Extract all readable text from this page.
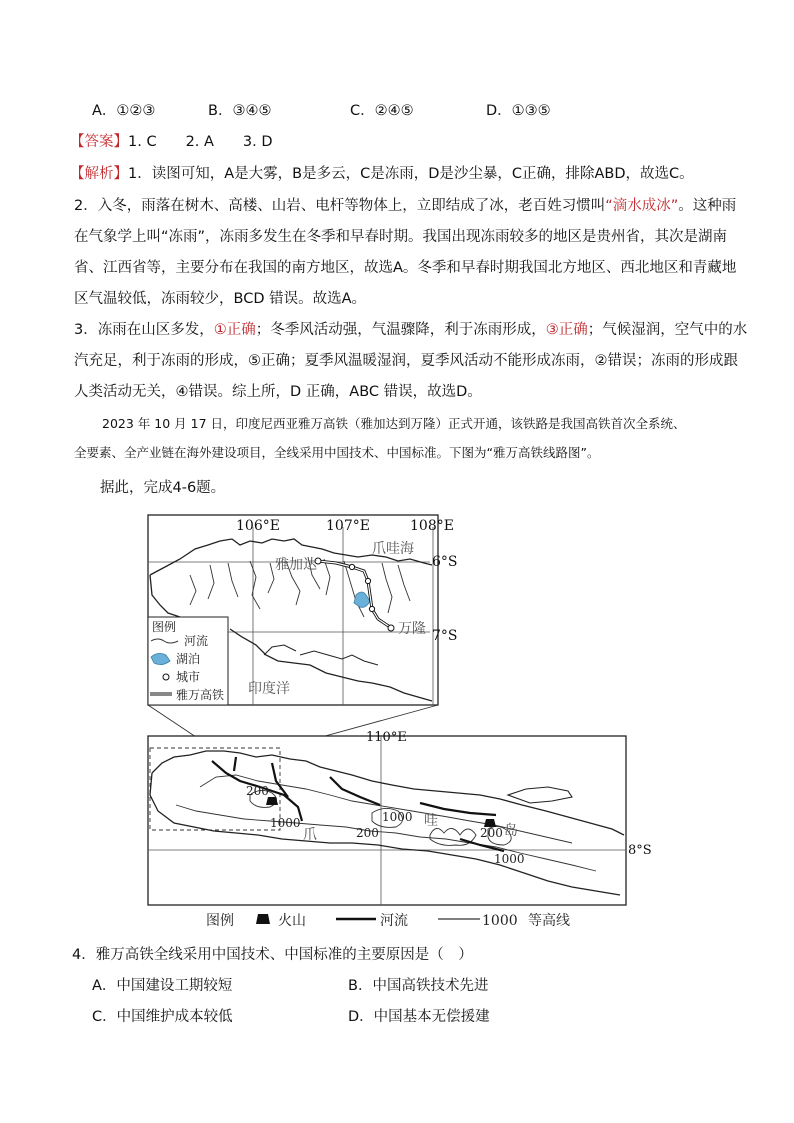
A．①②③	B．③④⑤	C．②④⑤	D．①③⑤
【答案】1. C　　2. A　　3. D
【解析】1．读图可知，A是大雾，B是多云，C是冻雨，D是沙尘暴，C正确，排除ABD，故选C。
2．入冬，雨落在树木、高楼、山岩、电杆等物体上，立即结成了冰，老百姓习惯叫“滴水成冰”。这种雨
在气象学上叫“冻雨”，冻雨多发生在冬季和早春时期。我国出现冻雨较多的地区是贵州省，其次是湖南
省、江西省等，主要分布在我国的南方地区，故选A。冬季和早春时期我国北方地区、西北地区和青藏地
区气温较低，冻雨较少，BCD 错误。故选A。
3．冻雨在山区多发，①正确；冬季风活动强，气温骤降，利于冻雨形成，③正确；气候湿润，空气中的水
汽充足，利于冻雨的形成，⑤正确；夏季风温暖湿润，夏季风活动不能形成冻雨，②错误；冻雨的形成跟
人类活动无关，④错误。综上所，D 正确，ABC 错误，故选D。
2023 年 10 月 17 日，印度尼西亚雅万高铁（雅加达到万隆）正式开通，该铁路是我国高铁首次全系统、
全要素、全产业链在海外建设项目，全线采用中国技术、中国标准。下图为“雅万高铁线路图”。
据此，完成4-6题。
106°E	107°E	108°E
6°S
7°S
爪哇海
印度洋
雅加达
万隆
图例
河流
湖泊
城市
雅万高铁
110°E
8°S
200
1000
200
1000
200
1000
爪
哇
岛
图例	火山	河流	1000 等高线
4．雅万高铁全线采用中国技术、中国标准的主要原因是（　）
A．中国建设工期较短	B．中国高铁技术先进
C．中国维护成本较低	D．中国基本无偿援建
